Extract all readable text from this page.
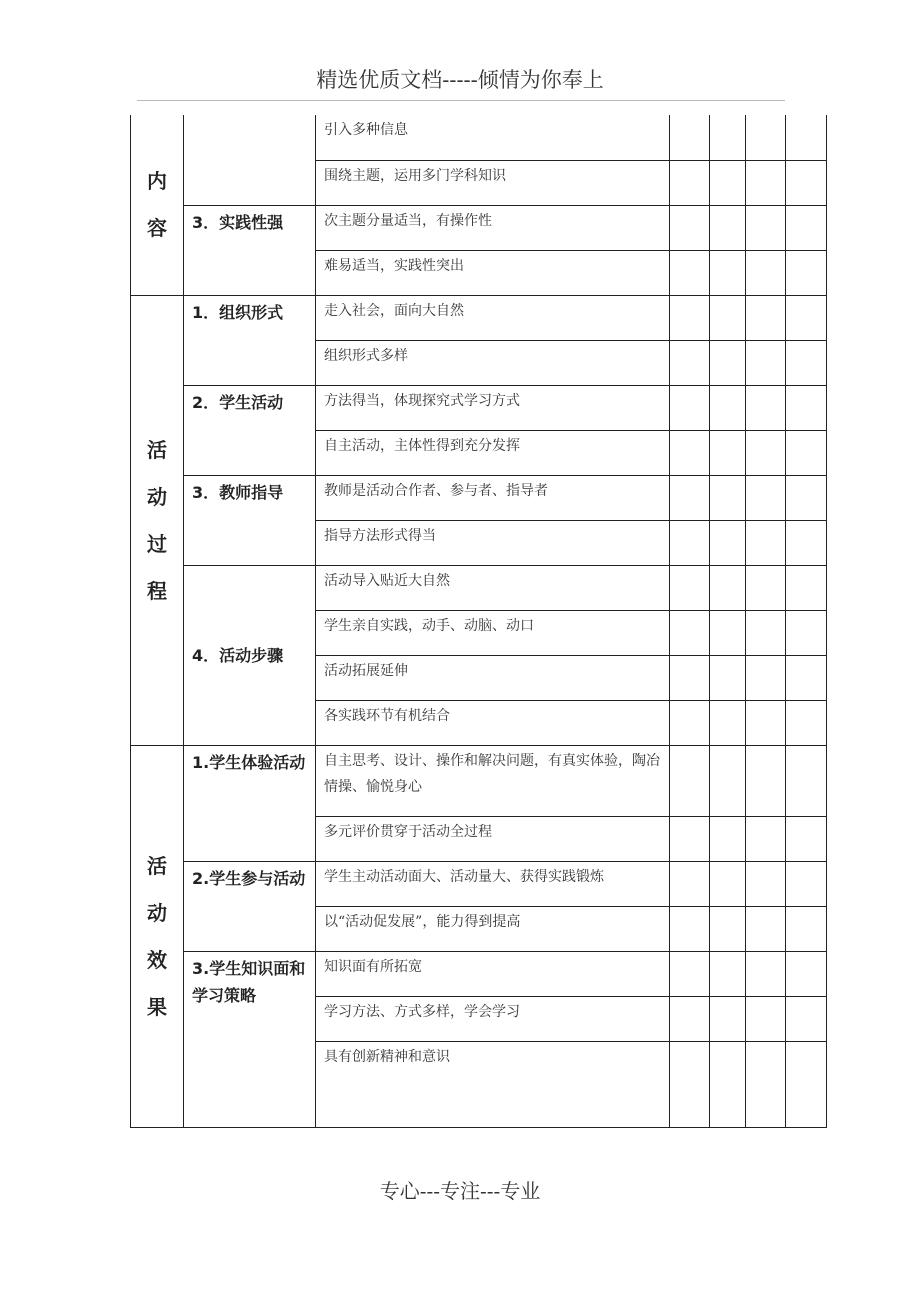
精选优质文档-----倾情为你奉上
内
容		引入多种信息				
		围绕主题，运用多门学科知识				
	3．实践性强	次主题分量适当，有操作性				
		难易适当，实践性突出				

活
动
过
程	1．组织形式	走入社会，面向大自然				
		组织形式多样				
	2．学生活动	方法得当，体现探究式学习方式				
		自主活动，主体性得到充分发挥				
	3．教师指导	教师是活动合作者、参与者、指导者				
		指导方法形式得当				
	4．活动步骤	活动导入贴近大自然				
		学生亲自实践，动手、动脑、动口				
		活动拓展延伸				
		各实践环节有机结合				

活
动
效
果	1.学生体验活动	自主思考、设计、操作和解决问题，有真实体验，陶冶情操、愉悦身心				
		多元评价贯穿于活动全过程				
	2.学生参与活动	学生主动活动面大、活动量大、获得实践锻炼				
		以“活动促发展”，能力得到提高				
	3.学生知识面和学习策略	知识面有所拓宽				
		学习方法、方式多样，学会学习				
		具有创新精神和意识				
专心---专注---专业
